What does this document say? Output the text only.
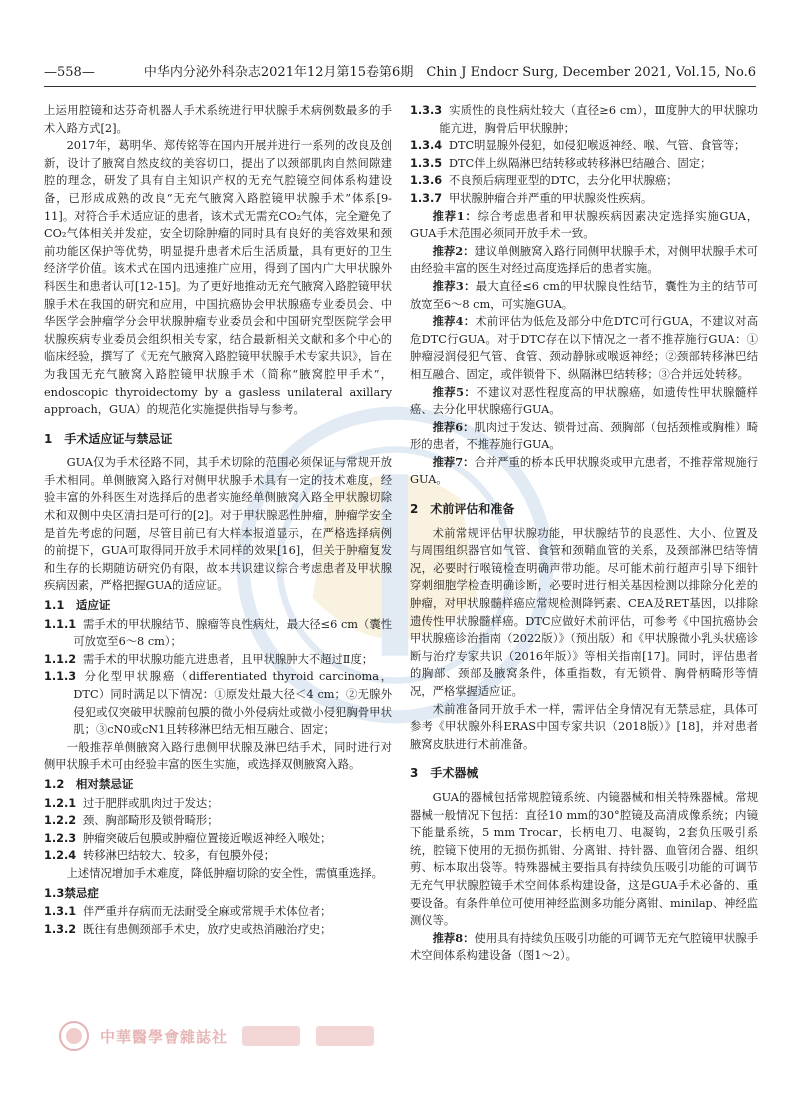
—558—	中华内分泌外科杂志2021年12月第15卷第6期　Chin J Endocr Surg, December 2021, Vol.15, No.6

上运用腔镜和达芬奇机器人手术系统进行甲状腺手术病例数最多的手术入路方式[2]。

2017年，葛明华、郑传铭等在国内开展并进行一系列的改良及创新，设计了腋窝自然皮纹的美容切口，提出了以颈部肌肉自然间隙建腔的理念，研发了具有自主知识产权的无充气腔镜空间体系构建设备，已形成成熟的改良“无充气腋窝入路腔镜甲状腺手术”体系[9-11]。对符合手术适应证的患者，该术式无需充CO₂气体，完全避免了CO₂气体相关并发症，安全切除肿瘤的同时具有良好的美容效果和颈前功能区保护等优势，明显提升患者术后生活质量，具有更好的卫生经济学价值。该术式在国内迅速推广应用，得到了国内广大甲状腺外科医生和患者认可[12-15]。为了更好地推动无充气腋窝入路腔镜甲状腺手术在我国的研究和应用，中国抗癌协会甲状腺癌专业委员会、中华医学会肿瘤学分会甲状腺肿瘤专业委员会和中国研究型医院学会甲状腺疾病专业委员会组织相关专家，结合最新相关文献和多个中心的临床经验，撰写了《无充气腋窝入路腔镜甲状腺手术专家共识》，旨在为我国无充气腋窝入路腔镜甲状腺手术（简称“腋窝腔甲手术”，endoscopic thyroidectomy by a gasless unilateral axillary approach，GUA）的规范化实施提供指导与参考。

1　手术适应证与禁忌证

GUA仅为手术径路不同，其手术切除的范围必须保证与常规开放手术相同。单侧腋窝入路行对侧甲状腺手术具有一定的技术难度，经验丰富的外科医生对选择后的患者实施经单侧腋窝入路全甲状腺切除术和双侧中央区清扫是可行的[2]。对于甲状腺恶性肿瘤，肿瘤学安全是首先考虑的问题，尽管目前已有大样本报道显示，在严格选择病例的前提下，GUA可取得同开放手术同样的效果[16]，但关于肿瘤复发和生存的长期随访研究仍有限，故本共识建议综合考虑患者及甲状腺疾病因素，严格把握GUA的适应证。

1.1　适应证

1.1.1 需手术的甲状腺结节、腺瘤等良性病灶，最大径≤6 cm（囊性可放宽至6～8 cm）；

1.1.2 需手术的甲状腺功能亢进患者，且甲状腺肿大不超过Ⅱ度；

1.1.3 分化型甲状腺癌（differentiated thyroid carcinoma，DTC）同时满足以下情况：①原发灶最大径＜4 cm；②无腺外侵犯或仅突破甲状腺前包膜的微小外侵病灶或微小侵犯胸骨甲状肌；③cN0或cN1且转移淋巴结无相互融合、固定；

一般推荐单侧腋窝入路行患侧甲状腺及淋巴结手术，同时进行对侧甲状腺手术可由经验丰富的医生实施，或选择双侧腋窝入路。

1.2　相对禁忌证

1.2.1 过于肥胖或肌肉过于发达；

1.2.2 颈、胸部畸形及锁骨畸形；

1.2.3 肿瘤突破后包膜或肿瘤位置接近喉返神经入喉处；

1.2.4 转移淋巴结较大、较多，有包膜外侵；

上述情况增加手术难度，降低肿瘤切除的安全性，需慎重选择。

1.3禁忌症

1.3.1 伴严重并存病而无法耐受全麻或常规手术体位者；

1.3.2 既往有患侧颈部手术史，放疗史或热消融治疗史；

1.3.3 实质性的良性病灶较大（直径≥6 cm），Ⅲ度肿大的甲状腺功能亢进，胸骨后甲状腺肿；

1.3.4 DTC明显腺外侵犯，如侵犯喉返神经、喉、气管、食管等；

1.3.5 DTC伴上纵隔淋巴结转移或转移淋巴结融合、固定；

1.3.6 不良预后病理亚型的DTC，去分化甲状腺癌；

1.3.7 甲状腺肿瘤合并严重的甲状腺炎性疾病。

推荐1：综合考虑患者和甲状腺疾病因素决定选择实施GUA，GUA手术范围必须同开放手术一致。

推荐2：建议单侧腋窝入路行同侧甲状腺手术，对侧甲状腺手术可由经验丰富的医生对经过高度选择后的患者实施。

推荐3：最大直径≤6 cm的甲状腺良性结节，囊性为主的结节可放宽至6～8 cm，可实施GUA。

推荐4：术前评估为低危及部分中危DTC可行GUA，不建议对高危DTC行GUA。对于DTC存在以下情况之一者不推荐施行GUA：①肿瘤浸润侵犯气管、食管、颈动静脉或喉返神经；②颈部转移淋巴结相互融合、固定，或伴锁骨下、纵隔淋巴结转移；③合并远处转移。

推荐5：不建议对恶性程度高的甲状腺癌，如遗传性甲状腺髓样癌、去分化甲状腺癌行GUA。

推荐6：肌肉过于发达、锁骨过高、颈胸部（包括颈椎或胸椎）畸形的患者，不推荐施行GUA。

推荐7：合并严重的桥本氏甲状腺炎或甲亢患者，不推荐常规施行GUA。

2　术前评估和准备

术前常规评估甲状腺功能，甲状腺结节的良恶性、大小、位置及与周围组织器官如气管、食管和颈鞘血管的关系，及颈部淋巴结等情况，必要时行喉镜检查明确声带功能。尽可能术前行超声引导下细针穿刺细胞学检查明确诊断，必要时进行相关基因检测以排除分化差的肿瘤，对甲状腺髓样癌应常规检测降钙素、CEA及RET基因，以排除遗传性甲状腺髓样癌。DTC应做好术前评估，可参考《中国抗癌协会甲状腺癌诊治指南（2022版）》（预出版）和《甲状腺微小乳头状癌诊断与治疗专家共识（2016年版）》等相关指南[17]。同时，评估患者的胸部、颈部及腋窝条件，体重指数，有无锁骨、胸骨柄畸形等情况，严格掌握适应证。

术前准备同开放手术一样，需评估全身情况有无禁忌症，具体可参考《甲状腺外科ERAS中国专家共识（2018版）》[18]，并对患者腋窝皮肤进行术前准备。

3　手术器械

GUA的器械包括常规腔镜系统、内镜器械和相关特殊器械。常规器械一般情况下包括：直径10 mm的30°腔镜及高清成像系统；内镜下能量系统，5 mm Trocar，长柄电刀、电凝钩，2套负压吸引系统，腔镜下使用的无损伤抓钳、分离钳、持针器、血管闭合器、组织剪、标本取出袋等。特殊器械主要指具有持续负压吸引功能的可调节无充气甲状腺腔镜手术空间体系构建设备，这是GUA手术必备的、重要设备。有条件单位可使用神经监测多功能分离钳、minilap、神经监测仪等。

推荐8：使用具有持续负压吸引功能的可调节无充气腔镜甲状腺手术空间体系构建设备（图1～2）。

中華醫學會雜誌社
